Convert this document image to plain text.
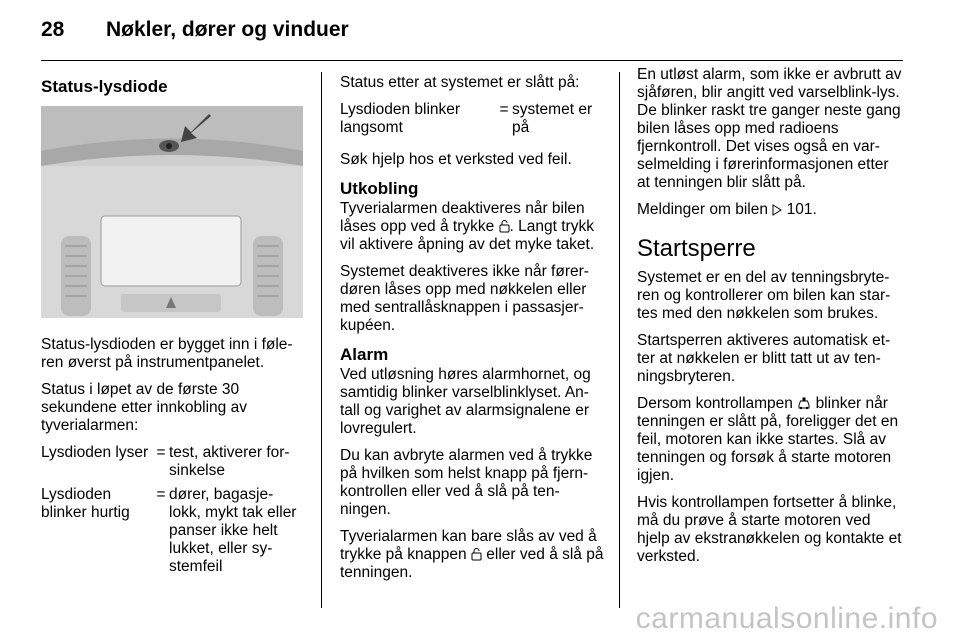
28 Nøkler, dører og vinduer
Status-lysdiode

Status-lysdioden er bygget inn i føle-ren øverst på instrumentpanelet.

Status i løpet av de første 30 sekundene etter innkobling av tyverialarmen:

Lysdioden lyser = test, aktiverer for-sinkelse
Lysdioden blinker hurtig
= dører, bagasje-lokk, mykt tak eller panser ikke helt lukket, eller sy-stemfeil

Status etter at systemet er slått på:

Lysdioden blinker langsomt
= systemet er på

Søk hjelp hos et verksted ved feil.

Utkobling

Tyverialarmen deaktiveres når bilen låses opp ved å trykke . Langt trykk vil aktivere åpning av det myke taket.

Systemet deaktiveres ikke når fører-døren låses opp med nøkkelen eller med sentrallåsknappen i passasjer-kupéen.

Alarm

Ved utløsning høres alarmhornet, og samtidig blinker varselblinklyset. An-tall og varighet av alarmsignalene er lovregulert.

Du kan avbryte alarmen ved å trykke på hvilken som helst knapp på fjern-kontrollen eller ved å slå på ten-ningen.

Tyverialarmen kan bare slås av ved å trykke på knappen eller ved å slå på tenningen.

En utløst alarm, som ikke er avbrutt av sjåføren, blir angitt ved varselblink-lys. De blinker raskt tre ganger neste gang bilen låses opp med radioens fjernkontroll. Det vises også en var-selmelding i førerinformasjonen etter at tenningen blir slått på.

Meldinger om bilen 101.

Startsperre

Systemet er en del av tenningsbryte-ren og kontrollerer om bilen kan star-tes med den nøkkelen som brukes.

Startsperren aktiveres automatisk et-ter at nøkkelen er blitt tatt ut av ten-ningsbryteren.

Dersom kontrollampen blinker når tenningen er slått på, foreligger det en feil, motoren kan ikke startes. Slå av tenningen og forsøk å starte motoren igjen.

Hvis kontrollampen fortsetter å blinke, må du prøve å starte motoren ved hjelp av ekstranøkkelen og kontakte et verksted.

carmanualsonline.info
